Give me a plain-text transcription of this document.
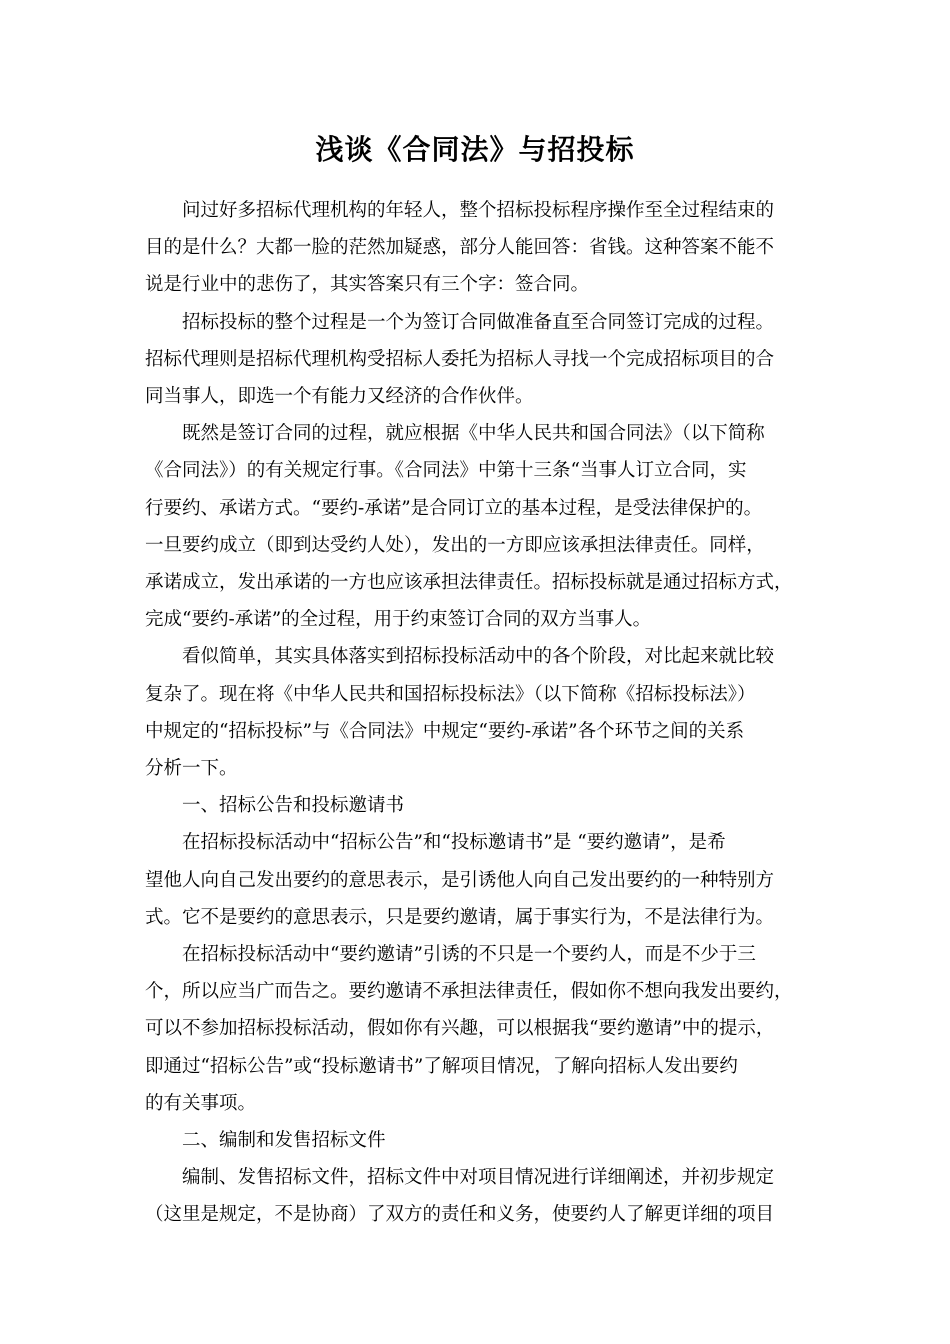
浅谈《合同法》与招投标
问过好多招标代理机构的年轻人，整个招标投标程序操作至全过程结束的
目的是什么？大都一脸的茫然加疑惑，部分人能回答：省钱。这种答案不能不
说是行业中的悲伤了，其实答案只有三个字：签合同。
招标投标的整个过程是一个为签订合同做准备直至合同签订完成的过程。
招标代理则是招标代理机构受招标人委托为招标人寻找一个完成招标项目的合
同当事人，即选一个有能力又经济的合作伙伴。
既然是签订合同的过程，就应根据《中华人民共和国合同法》（以下简称
《合同法》）的有关规定行事。《合同法》中第十三条“当事人订立合同，实
行要约、承诺方式。“要约-承诺”是合同订立的基本过程，是受法律保护的。
一旦要约成立（即到达受约人处），发出的一方即应该承担法律责任。同样，
承诺成立，发出承诺的一方也应该承担法律责任。招标投标就是通过招标方式，
完成“要约-承诺”的全过程，用于约束签订合同的双方当事人。
看似简单，其实具体落实到招标投标活动中的各个阶段，对比起来就比较
复杂了。现在将《中华人民共和国招标投标法》（以下简称《招标投标法》）
中规定的“招标投标”与《合同法》中规定“要约-承诺”各个环节之间的关系
分析一下。
一、招标公告和投标邀请书
在招标投标活动中“招标公告”和“投标邀请书”是 “要约邀请”，是希
望他人向自己发出要约的意思表示，是引诱他人向自己发出要约的一种特别方
式。它不是要约的意思表示，只是要约邀请，属于事实行为，不是法律行为。
在招标投标活动中“要约邀请”引诱的不只是一个要约人，而是不少于三
个，所以应当广而告之。要约邀请不承担法律责任，假如你不想向我发出要约，
可以不参加招标投标活动，假如你有兴趣，可以根据我“要约邀请”中的提示，
即通过“招标公告”或“投标邀请书”了解项目情况，了解向招标人发出要约
的有关事项。
二、编制和发售招标文件
编制、发售招标文件，招标文件中对项目情况进行详细阐述，并初步规定
（这里是规定，不是协商）了双方的责任和义务，使要约人了解更详细的项目
